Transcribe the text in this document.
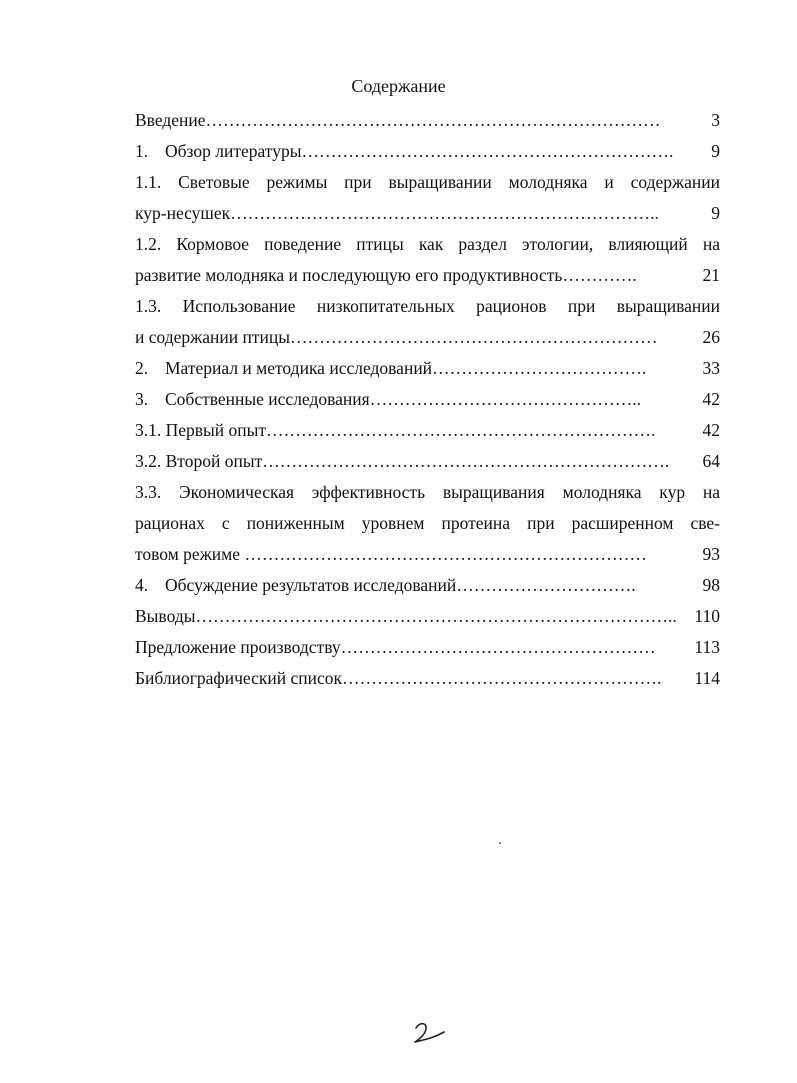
Содержание
Введение……………………………………………………………………	3
1. Обзор литературы……………………………………………………….	9
1.1. Световые режимы при выращивании молодняка и содержании
кур-несушек………………………………………………………………..	9
1.2. Кормовое поведение птицы как раздел этологии, влияющий на
развитие молодняка и последующую его продуктивность………….	21
1.3. Использование низкопитательных рационов при выращивании
и содержании птицы………………………………………………………	26
2. Материал и методика исследований……………………………….	33
3. Собственные исследования………………………………………..	42
3.1. Первый опыт………………………………………………………….	42
3.2. Второй опыт…………………………………………………………….	64
3.3. Экономическая эффективность выращивания молодняка кур на
рационах с пониженным уровнем протеина при расширенном све-
товом режиме ……………………………………………………………	93
4. Обсуждение результатов исследований………………………….	98
Выводы……………………………………………………………………….. 110
Предложение производству………………………………………………	113
Библиографический список……………………………………………….	114
